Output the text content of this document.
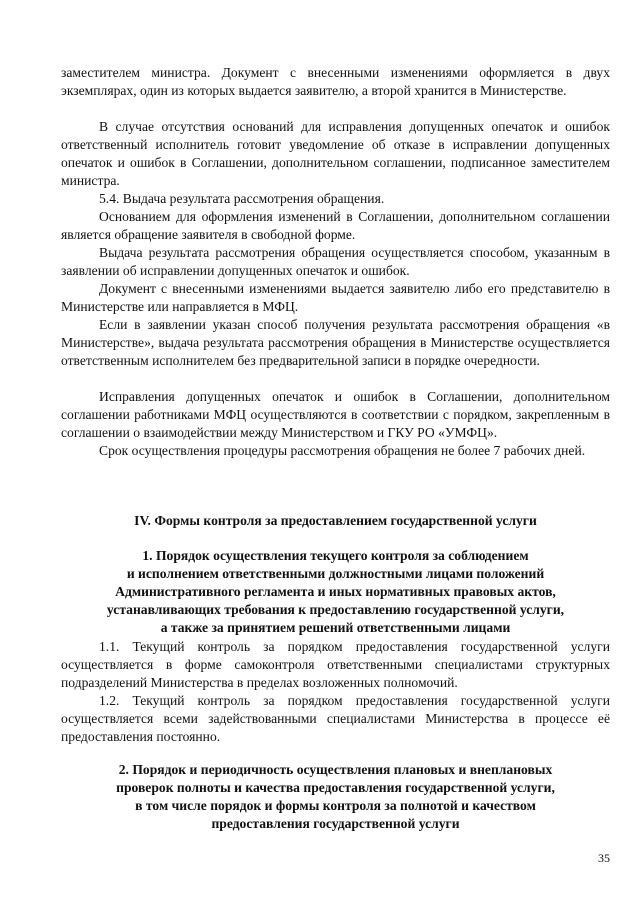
заместителем министра. Документ с внесенными изменениями оформляется в двух экземплярах, один из которых выдается заявителю, а второй хранится в Министерстве.

В случае отсутствия оснований для исправления допущенных опечаток и ошибок ответственный исполнитель готовит уведомление об отказе в исправлении допущенных опечаток и ошибок в Соглашении, дополнительном соглашении, подписанное заместителем министра.

5.4. Выдача результата рассмотрения обращения.

Основанием для оформления изменений в Соглашении, дополнительном соглашении является обращение заявителя в свободной форме.

Выдача результата рассмотрения обращения осуществляется способом, указанным в заявлении об исправлении допущенных опечаток и ошибок.

Документ с внесенными изменениями выдается заявителю либо его представителю в Министерстве или направляется в МФЦ.

Если в заявлении указан способ получения результата рассмотрения обращения «в Министерстве», выдача результата рассмотрения обращения в Министерстве осуществляется ответственным исполнителем без предварительной записи в порядке очередности.

Исправления допущенных опечаток и ошибок в Соглашении, дополнительном соглашении работниками МФЦ осуществляются в соответствии с порядком, закрепленным в соглашении о взаимодействии между Министерством и ГКУ РО «УМФЦ».

Срок осуществления процедуры рассмотрения обращения не более 7 рабочих дней.

IV. Формы контроля за предоставлением государственной услуги
1. Порядок осуществления текущего контроля за соблюдением
и исполнением ответственными должностными лицами положений
Административного регламента и иных нормативных правовых актов,
устанавливающих требования к предоставлению государственной услуги,
а также за принятием решений ответственными лицами

1.1. Текущий контроль за порядком предоставления государственной услуги осуществляется в форме самоконтроля ответственными специалистами структурных подразделений Министерства в пределах возложенных полномочий.

1.2. Текущий контроль за порядком предоставления государственной услуги осуществляется всеми задействованными специалистами Министерства в процессе её предоставления постоянно.

2. Порядок и периодичность осуществления плановых и внеплановых
проверок полноты и качества предоставления государственной услуги,
в том числе порядок и формы контроля за полнотой и качеством
предоставления государственной услуги
35
